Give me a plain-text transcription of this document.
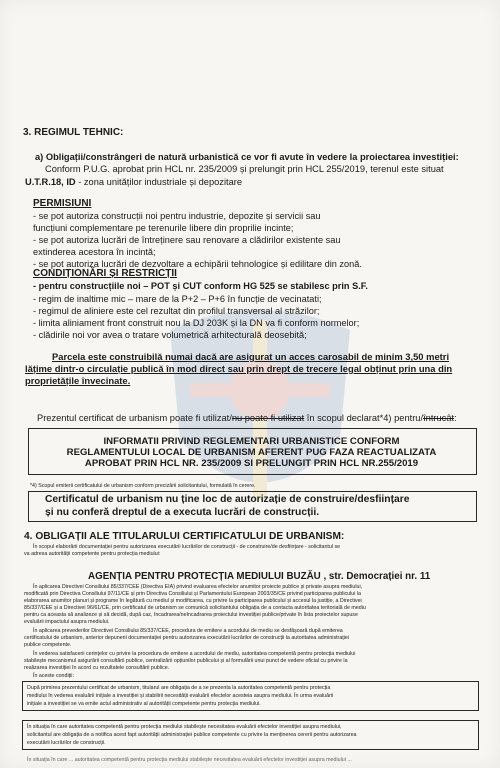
3. REGIMUL TEHNIC:
a) Obligații/constrângeri de natură urbanistică ce vor fi avute în vedere la proiectarea investiției:
Conform P.U.G. aprobat prin HCL nr. 235/2009 și prelungit prin HCL 255/2019, terenul este situat
U.T.R.18, ID - zona unităților industriale și depozitare
PERMISIUNI
- se pot autoriza construcții noi pentru industrie, depozite și servicii sau
funcțiuni complementare pe terenurile libere din proprilie incinte;
- se pot autoriza lucrări de întreținere sau renovare a clădirilor existente sau
extinderea acestora în incintă;
- se pot autoriza lucrări de dezvoltare a echipării tehnologice și edilitare din zonă.
CONDIȚIONĂRI ȘI RESTRICȚII
- pentru construcțiile noi – POT și CUT conform HG 525 se stabilesc prin S.F.
- regim de inaltime mic – mare de la P+2 – P+6 în funcție de vecinatati;
- regimul de aliniere este cel rezultat din profilul transversal al străzilor;
- limita aliniament front construit nou la DJ 203K și la DN va fi conform normelor;
- clădirile noi vor avea o tratare volumetrică arhitecturală deosebită;
Parcela este construibilă numai dacă are asigurat un acces carosabil de minim 3,50 metri
lățime dintr-o circulație publică în mod direct sau prin drept de trecere legal obținut prin una din
proprietățile învecinate.
Prezentul certificat de urbanism poate fi utilizat/nu poate fi utilizat în scopul declarat*4) pentru/întrucât:
INFORMATII PRIVIND REGLEMENTARI URBANISTICE CONFORM
REGLAMENTULUI LOCAL DE URBANISM AFERENT PUG FAZA REACTUALIZATA
APROBAT PRIN HCL NR. 235/2009 SI PRELUNGIT PRIN HCL NR.255/2019
*4) Scopul emiterii certificatului de urbanism conform precizării solicitantului, formulată în cerere.
Certificatul de urbanism nu ține loc de autorizație de construire/desființare
și nu conferă dreptul de a executa lucrări de construcții.
4. OBLIGAȚII ALE TITULARULUI CERTIFICATULUI DE URBANISM:
În scopul elaborării documentației pentru autorizarea executării lucrărilor de construcții - de construire/de desființare - solicitantul se
va adresa autorității competente pentru protecția mediului:
AGENȚIA PENTRU PROTECȚIA MEDIULUI BUZĂU , str. Democrației nr. 11
În aplicarea Directivei Consiliului 85/337/CEE (Directiva EIA) privind evaluarea efectelor anumitor proiecte publice și private asupra mediului,
modificată prin Directiva Consiliului 97/11/CE și prin Directiva Consiliului și Parlamentului European 2003/35/CE privind participarea publicului la
elaborarea anumitor planuri și programe în legătură cu mediul și modificarea, cu privire la participarea publicului și accesul la justiție, a Directivei
85/337/CEE și a Directivei 96/61/CE, prin certificatul de urbanism se comunică solicitantului obligația de a contacta autoritatea teritorială de mediu
pentru ca aceasta să analizeze și să decidă, după caz, încadrarea/neîncadrarea proiectului investiției publice/private în lista proiectelor supuse
evaluării impactului asupra mediului.
În aplicarea prevederilor Directivei Consiliului 85/337/CEE, procedura de emitere a acordului de mediu se desfășoară după emiterea
certificatului de urbanism, anterior depunerii documentației pentru autorizarea executării lucrărilor de construcții la autoritatea administrației
publice competente.
În vederea satisfacerii cerințelor cu privire la procedura de emitere a acordului de mediu, autoritatea competentă pentru protecția mediului
stabilește mecanismul asigurării consultării publice, centralizării opțiunilor publicului și al formulării unui punct de vedere oficial cu privire la
realizarea investiției în acord cu rezultatele consultării publice.
În aceste condiții:
După primirea prezentului certificat de urbanism, titularul are obligația de a se prezenta la autoritatea competentă pentru protecția
mediului în vederea evaluării inițiale a investiției și stabilirii necesității evaluării efectelor acesteia asupra mediului. În urma evaluării
inițiale a investiției se va emite actul administrativ al autorității competente pentru protecția mediului.
În situația în care autoritatea competentă pentru protecția mediului stabilește necesitatea evaluării efectelor investiției asupra mediului,
solicitantul are obligația de a notifica acest fapt autorității administrației publice competente cu privire la menținerea cererii pentru autorizarea
executării lucrărilor de construcții.
În situația în care ... autoritatea competentă pentru protecția mediului stabilește necesitatea evaluării efectelor investiției asupra mediului ...
